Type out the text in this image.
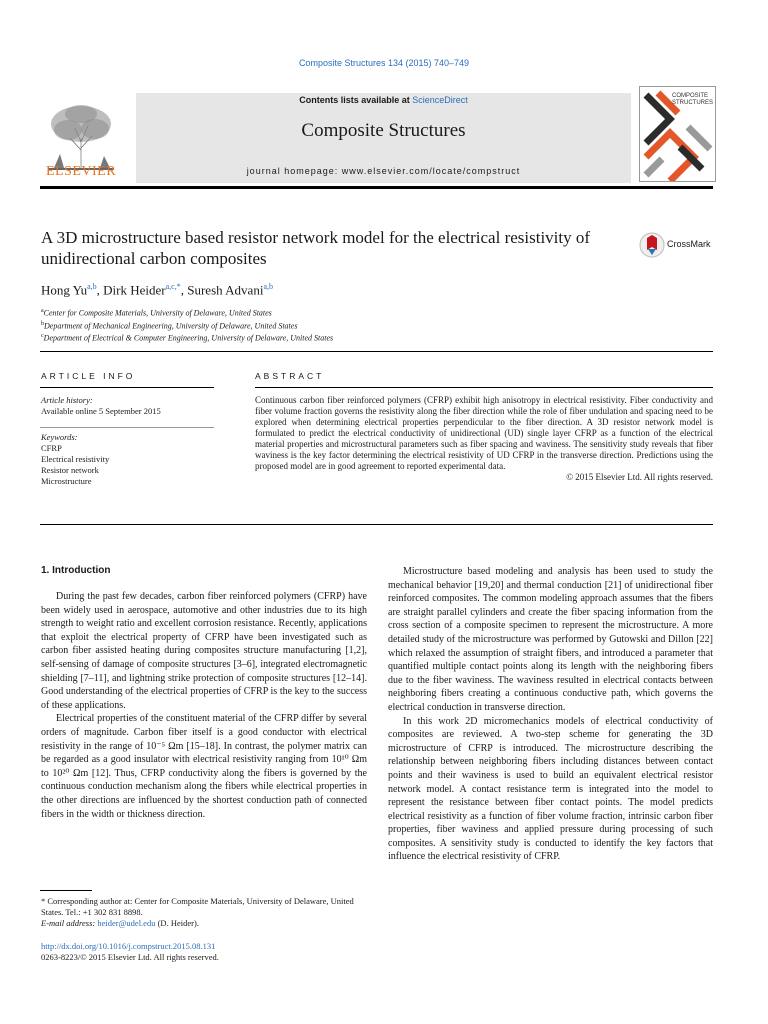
Composite Structures 134 (2015) 740–749
ELSEVIER
Contents lists available at ScienceDirect
Composite Structures
journal homepage: www.elsevier.com/locate/compstruct
COMPOSITE
STRUCTURES
A 3D microstructure based resistor network model for the electrical resistivity of unidirectional carbon composites
CrossMark
Hong Yu$^{a,b}$, Dirk Heider$^{a,c,*}$, Suresh Advani$^{a,b}$
$^a$Center for Composite Materials, University of Delaware, United States
$^b$Department of Mechanical Engineering, University of Delaware, United States
$^c$Department of Electrical & Computer Engineering, University of Delaware, United States
ARTICLE INFO
Article history:
Available online 5 September 2015
Keywords:
CFRP
Electrical resistivity
Resistor network
Microstructure
ABSTRACT
Continuous carbon fiber reinforced polymers (CFRP) exhibit high anisotropy in electrical resistivity. Fiber conductivity and fiber volume fraction governs the resistivity along the fiber direction while the role of fiber undulation and spacing need to be explored when determining electrical properties perpendicular to the fiber direction. A 3D resistor network model is formulated to predict the electrical conductivity of unidirectional (UD) single layer CFRP as a function of the electrical material properties and microstructural parameters such as fiber spacing and waviness. The sensitivity study reveals that fiber waviness is the key factor determining the electrical resistivity of UD CFRP in the transverse direction. Predictions using the proposed model are in good agreement to reported experimental data.
© 2015 Elsevier Ltd. All rights reserved.
1. Introduction

During the past few decades, carbon fiber reinforced polymers (CFRP) have been widely used in aerospace, automotive and other industries due to its high strength to weight ratio and excellent corrosion resistance. Recently, applications that exploit the electrical property of CFRP have been investigated such as carbon fiber assisted heating during composites structure manufacturing [1,2], self-sensing of damage of composite structures [3–6], integrated electromagnetic shielding [7–11], and lightning strike protection of composite structures [12–14]. Good understanding of the electrical properties of CFRP is the key to the success of these applications.

Electrical properties of the constituent material of the CFRP differ by several orders of magnitude. Carbon fiber itself is a good conductor with electrical resistivity in the range of 10⁻⁵ Ωm [15–18]. In contrast, the polymer matrix can be regarded as a good insulator with electrical resistivity ranging from 10¹⁰ Ωm to 10²⁰ Ωm [12]. Thus, CFRP conductivity along the fibers is governed by the continuous conduction mechanism along the fibers while electrical properties in the other directions are influenced by the shortest conduction path of connected fibers in the width or thickness direction.

Microstructure based modeling and analysis has been used to study the mechanical behavior [19,20] and thermal conduction [21] of unidirectional fiber reinforced composites. The common modeling approach assumes that the fibers are straight parallel cylinders and create the fiber spacing information from the cross section of a composite specimen to represent the microstructure. A more detailed study of the microstructure was performed by Gutowski and Dillon [22] which relaxed the assumption of straight fibers, and introduced a parameter that quantified multiple contact points along its length with the neighboring fibers due to the fiber waviness. The waviness resulted in electrical contacts between neighboring fibers creating a continuous conductive path, which governs the electrical conduction in transverse direction.

In this work 2D micromechanics models of electrical conductivity of composites are reviewed. A two-step scheme for generating the 3D microstructure of CFRP is introduced. The microstructure describing the relationship between neighboring fibers including distances between contact points and their waviness is used to build an equivalent electrical resistor network model. A contact resistance term is integrated into the model to represent the resistance between fiber contact points. The model predicts electrical resistivity as a function of fiber volume fraction, intrinsic carbon fiber properties, fiber waviness and applied pressure during processing of such composites. A sensitivity study is conducted to identify the key factors that influence the electrical resistivity of CFRP.

* Corresponding author at: Center for Composite Materials, University of Delaware, United States. Tel.: +1 302 831 8898.
E-mail address: heider@udel.edu (D. Heider).
http://dx.doi.org/10.1016/j.compstruct.2015.08.131
0263-8223/© 2015 Elsevier Ltd. All rights reserved.
